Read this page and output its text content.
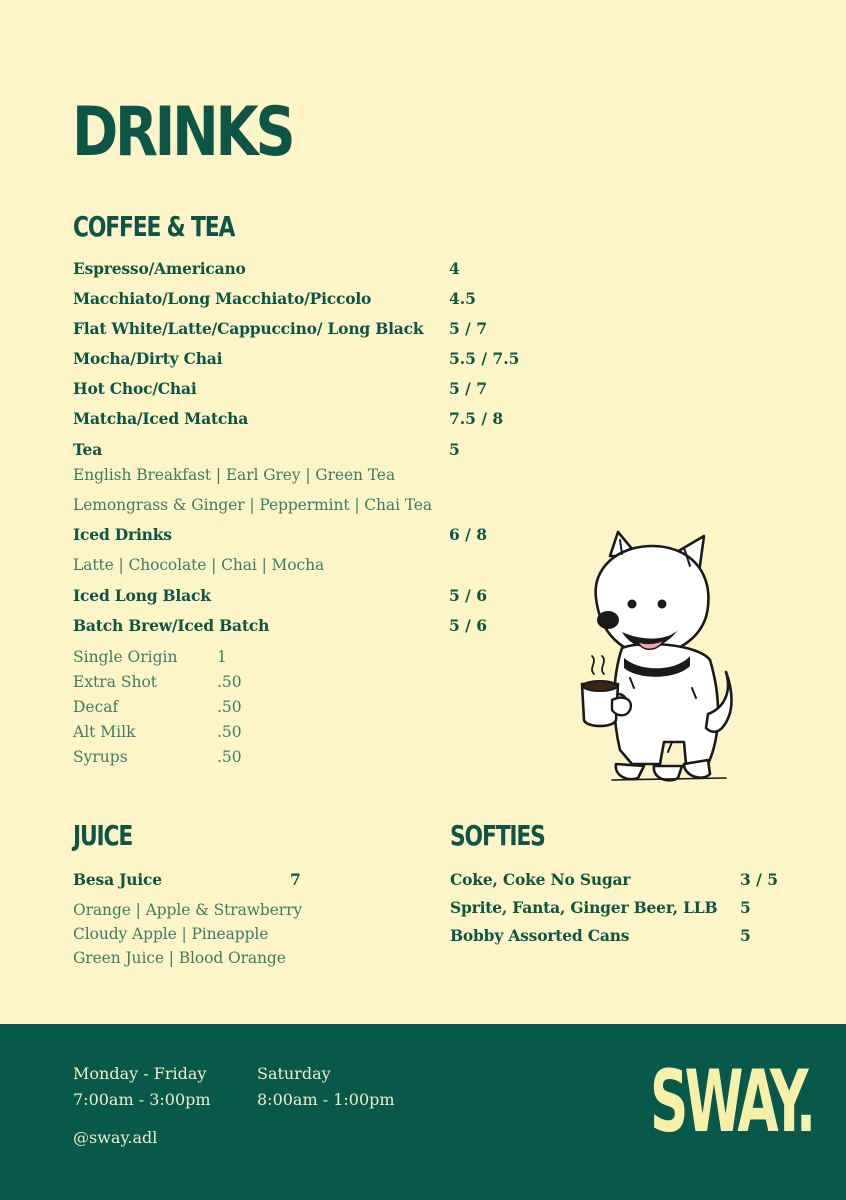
DRINKS
COFFEE & TEA
Espresso/Americano	4
Macchiato/Long Macchiato/Piccolo	4.5
Flat White/Latte/Cappuccino/ Long Black 5 / 7
Mocha/Dirty Chai	5.5 / 7.5
Hot Choc/Chai	5 / 7
Matcha/Iced Matcha	7.5 / 8
Tea	5
English Breakfast | Earl Grey | Green Tea
Lemongrass & Ginger | Peppermint | Chai Tea
Iced Drinks	6 / 8
Latte | Chocolate | Chai | Mocha
Iced Long Black	5 / 6
Batch Brew/Iced Batch	5 / 6
Single Origin	1
Extra Shot	.50
Decaf	.50
Alt Milk	.50
Syrups	.50
JUICE
Besa Juice	7
Orange | Apple & Strawberry
Cloudy Apple | Pineapple
Green Juice | Blood Orange
SOFTIES
Coke, Coke No Sugar	3 / 5
Sprite, Fanta, Ginger Beer, LLB 5
Bobby Assorted Cans	5
Monday - Friday
7:00am - 3:00pm
Saturday
8:00am - 1:00pm
@sway.adl	SWAY.
